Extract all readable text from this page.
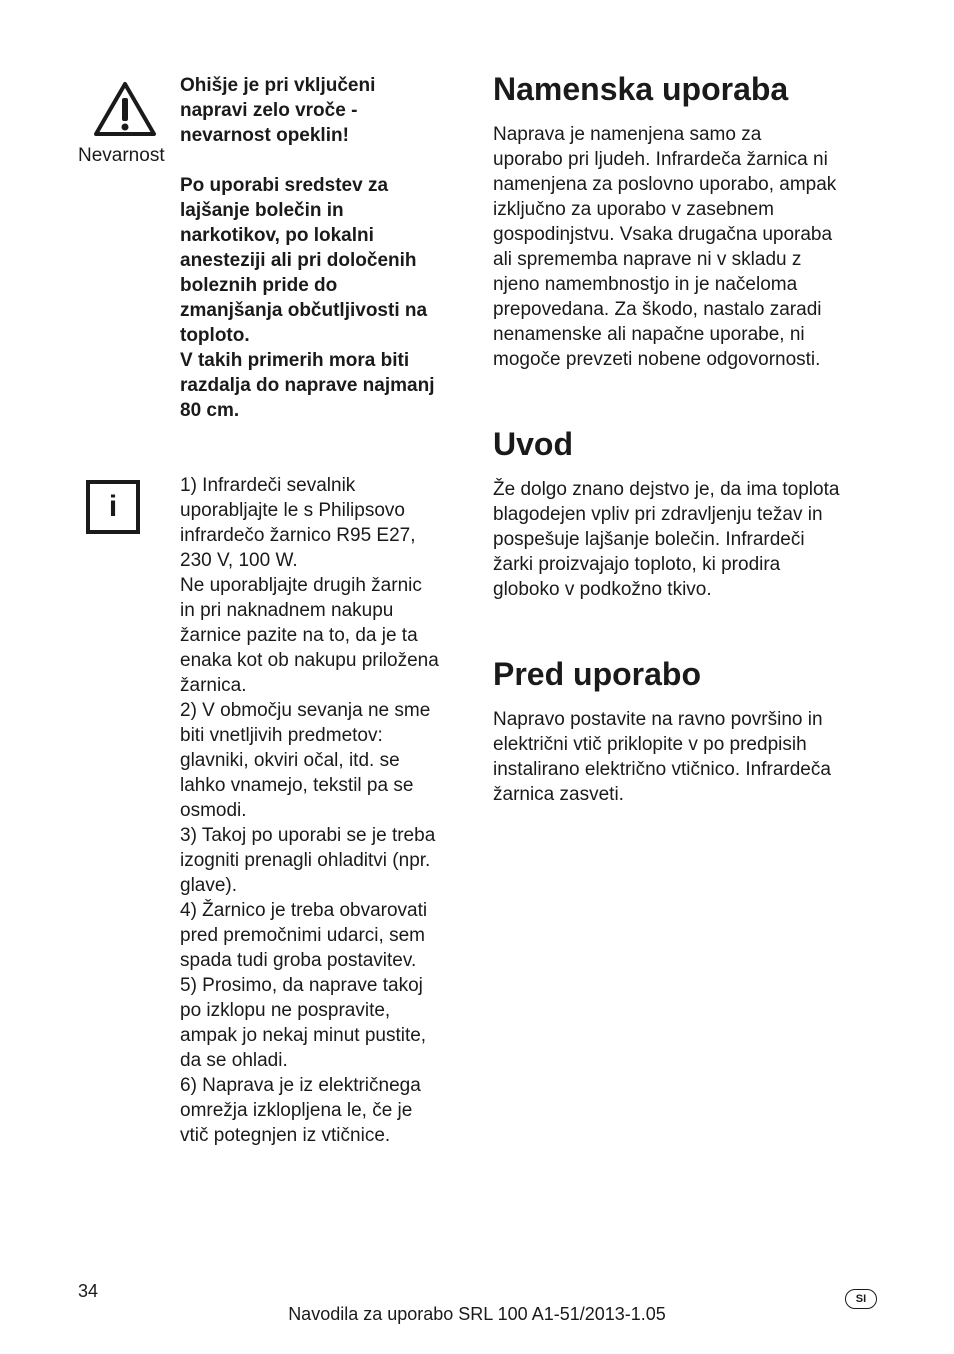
Nevarnost

Ohišje je pri vključeni
napravi zelo vroče -
nevarnost opeklin!

Po uporabi sredstev za
lajšanje bolečin in
narkotikov, po lokalni
anesteziji ali pri določenih
boleznih pride do
zmanjšanja občutljivosti na
toploto.
V takih primerih mora biti
razdalja do naprave najmanj
80 cm.

i

1) Infrardeči sevalnik
uporabljajte le s Philipsovo
infrardečo žarnico R95 E27,
230 V, 100 W.
Ne uporabljajte drugih žarnic
in pri naknadnem nakupu
žarnice pazite na to, da je ta
enaka kot ob nakupu priložena
žarnica.
2) V območju sevanja ne sme
biti vnetljivih predmetov:
glavniki, okviri očal, itd. se
lahko vnamejo, tekstil pa se
osmodi.
3) Takoj po uporabi se je treba
izogniti prenagli ohladitvi (npr.
glave).
4) Žarnico je treba obvarovati
pred premočnimi udarci, sem
spada tudi groba postavitev.
5) Prosimo, da naprave takoj
po izklopu ne pospravite,
ampak jo nekaj minut pustite,
da se ohladi.
6) Naprava je iz električnega
omrežja izklopljena le, če je
vtič potegnjen iz vtičnice.

Namenska uporaba

Naprava je namenjena samo za
uporabo pri ljudeh. Infrardeča žarnica ni
namenjena za poslovno uporabo, ampak
izključno za uporabo v zasebnem
gospodinjstvu. Vsaka drugačna uporaba
ali sprememba naprave ni v skladu z
njeno namembnostjo in je načeloma
prepovedana. Za škodo, nastalo zaradi
nenamenske ali napačne uporabe, ni
mogoče prevzeti nobene odgovornosti.

Uvod

Že dolgo znano dejstvo je, da ima toplota
blagodejen vpliv pri zdravljenju težav in
pospešuje lajšanje bolečin. Infrardeči
žarki proizvajajo toploto, ki prodira
globoko v podkožno tkivo.

Pred uporabo

Napravo postavite na ravno površino in
električni vtič priklopite v po predpisih
instalirano električno vtičnico. Infrardeča
žarnica zasveti.

34
Navodila za uporabo SRL 100 A1-51/2013-1.05
SI
